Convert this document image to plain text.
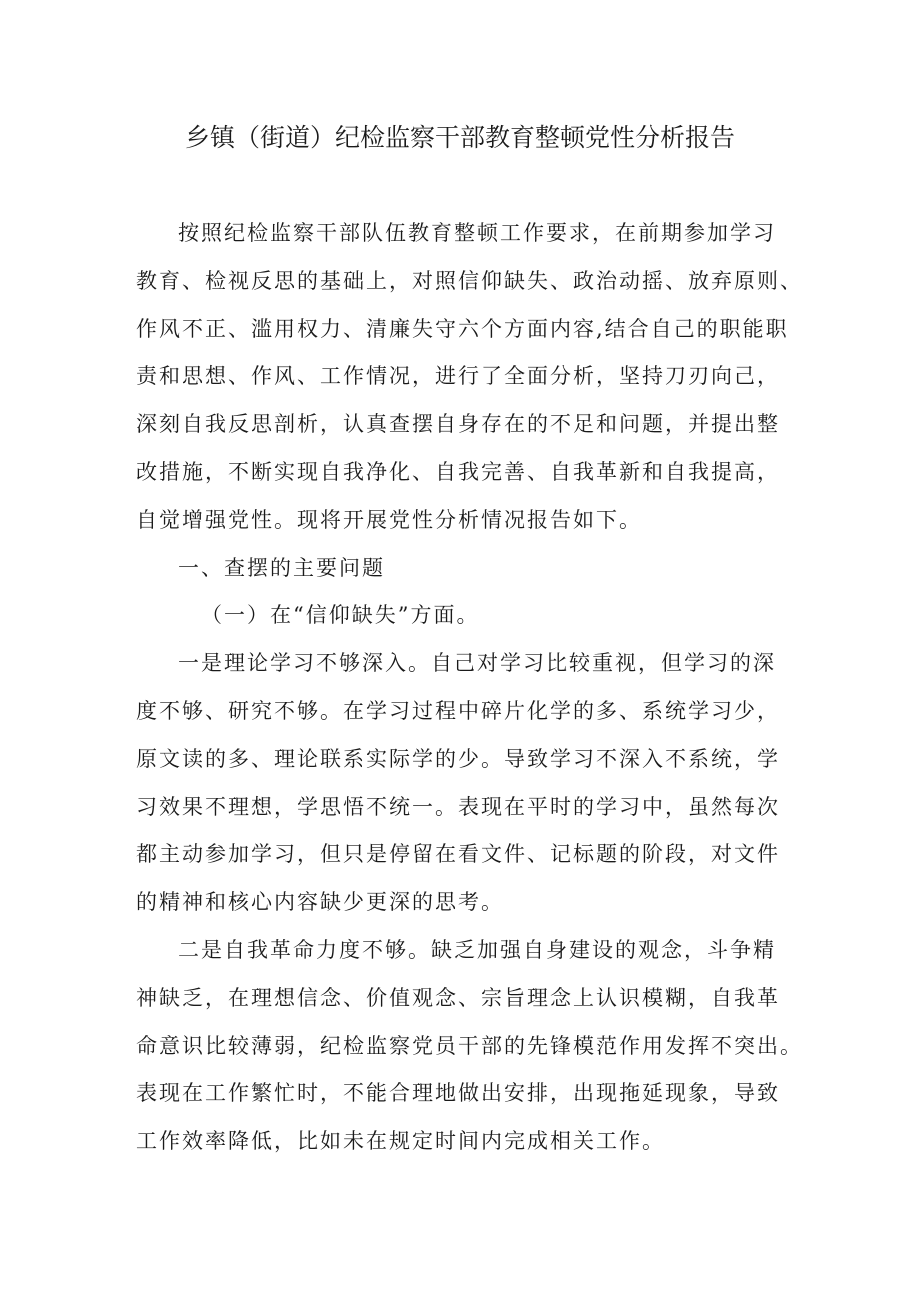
乡镇（街道）纪检监察干部教育整顿党性分析报告

按照纪检监察干部队伍教育整顿工作要求，在前期参加学习
教育、检视反思的基础上，对照信仰缺失、政治动摇、放弃原则、
作风不正、滥用权力、清廉失守六个方面内容,结合自己的职能职
责和思想、作风、工作情况，进行了全面分析，坚持刀刃向己，
深刻自我反思剖析，认真查摆自身存在的不足和问题，并提出整
改措施，不断实现自我净化、自我完善、自我革新和自我提高，
自觉增强党性。现将开展党性分析情况报告如下。

一、查摆的主要问题

（一）在“信仰缺失”方面。

一是理论学习不够深入。自己对学习比较重视，但学习的深
度不够、研究不够。在学习过程中碎片化学的多、系统学习少，
原文读的多、理论联系实际学的少。导致学习不深入不系统，学
习效果不理想，学思悟不统一。表现在平时的学习中，虽然每次
都主动参加学习，但只是停留在看文件、记标题的阶段，对文件
的精神和核心内容缺少更深的思考。

二是自我革命力度不够。缺乏加强自身建设的观念，斗争精
神缺乏，在理想信念、价值观念、宗旨理念上认识模糊，自我革
命意识比较薄弱，纪检监察党员干部的先锋模范作用发挥不突出。
表现在工作繁忙时，不能合理地做出安排，出现拖延现象，导致
工作效率降低，比如未在规定时间内完成相关工作。
